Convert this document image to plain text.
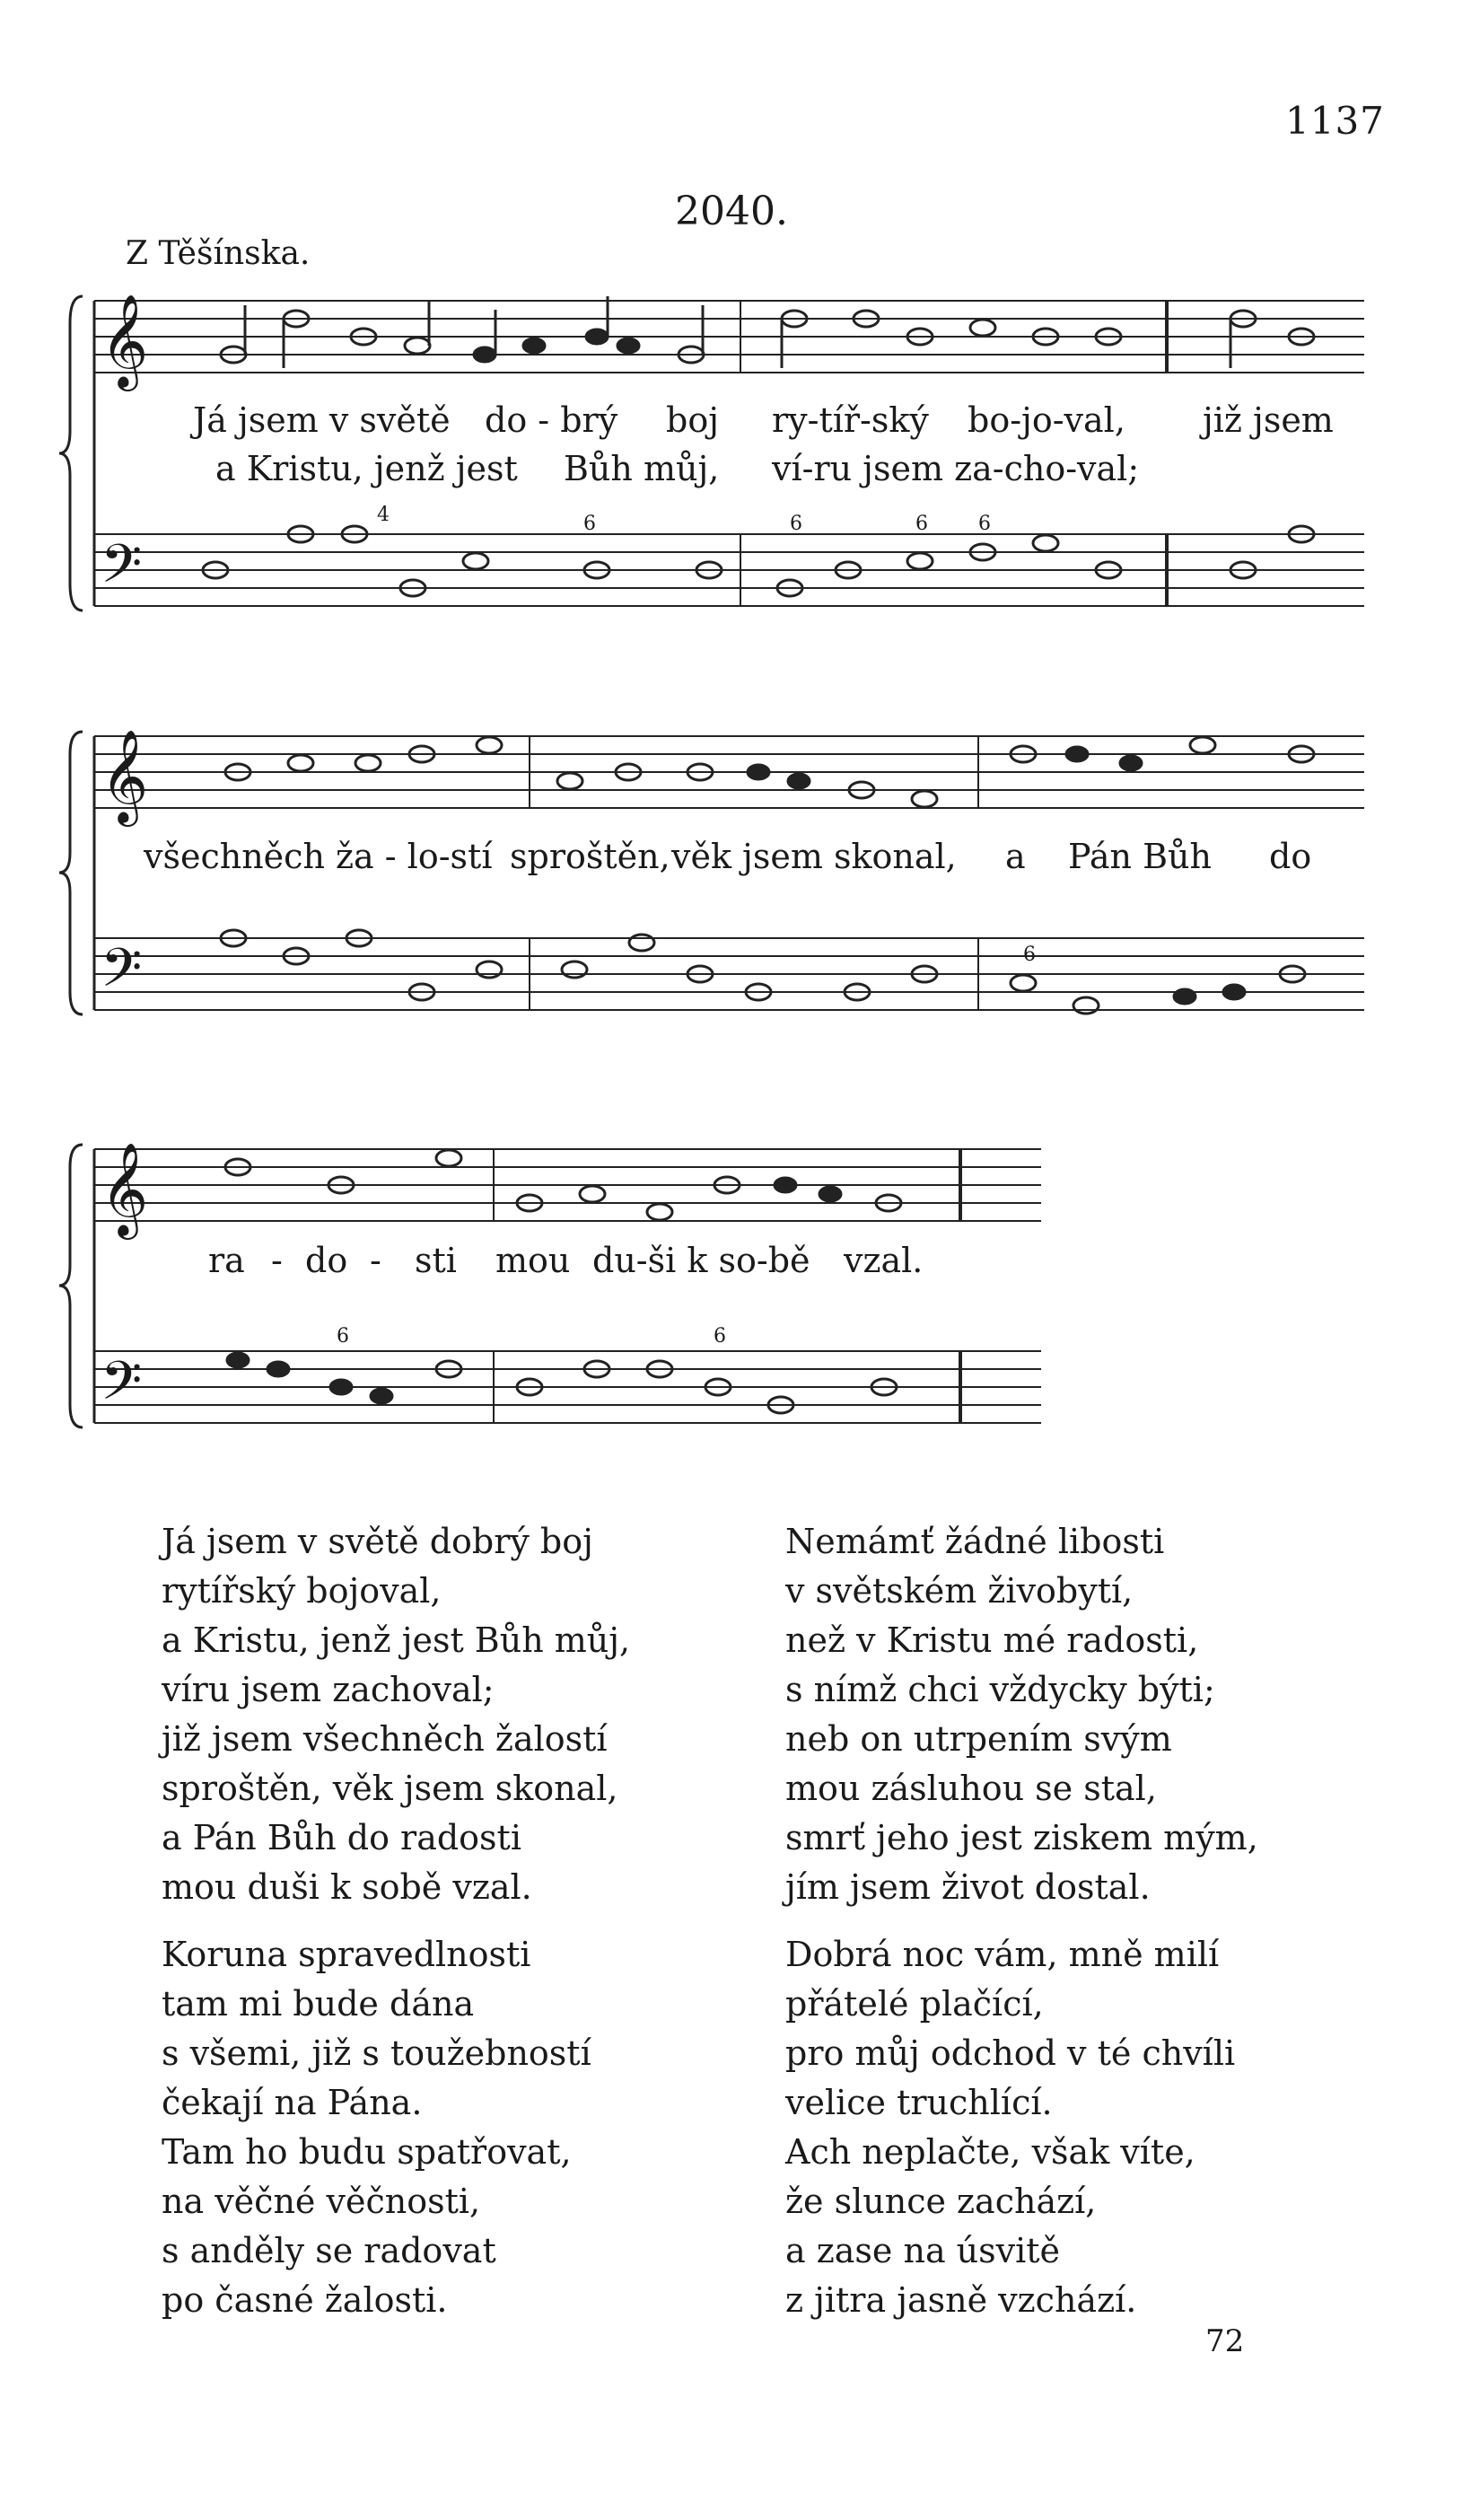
1137
2040.
Z Těšínska.
𝄞
𝄢
𝄞
𝄢
𝄞
𝄢
4	6	6	6	6
6	6
6
Já jsem v světě do - brý boj ry-tíř-ský bo-jo-val, již jsem
a Kristu, jenž jest Bůh můj, ví-ru jsem za-cho-val;
všechněch ža - lo-stí sproštěn, věk jsem skonal, a Pán Bůh do
ra - do - sti mou du-ši k so-bě vzal.
Já jsem v světě dobrý boj
rytířský bojoval,
a Kristu, jenž jest Bůh můj,
víru jsem zachoval;
již jsem všechněch žalostí
sproštěn, věk jsem skonal,
a Pán Bůh do radosti
mou duši k sobě vzal.
Koruna spravedlnosti
tam mi bude dána
s všemi, již s toužebností
čekají na Pána.
Tam ho budu spatřovat,
na věčné věčnosti,
s anděly se radovat
po časné žalosti.
Nemámť žádné libosti
v světském živobytí,
než v Kristu mé radosti,
s nímž chci vždycky býti;
neb on utrpením svým
mou zásluhou se stal,
smrť jeho jest ziskem mým,
jím jsem život dostal.
Dobrá noc vám, mně milí
přátelé plačící,
pro můj odchod v té chvíli
velice truchlící.
Ach neplačte, však víte,
že slunce zachází,
a zase na úsvitě
z jitra jasně vzchází.
72
